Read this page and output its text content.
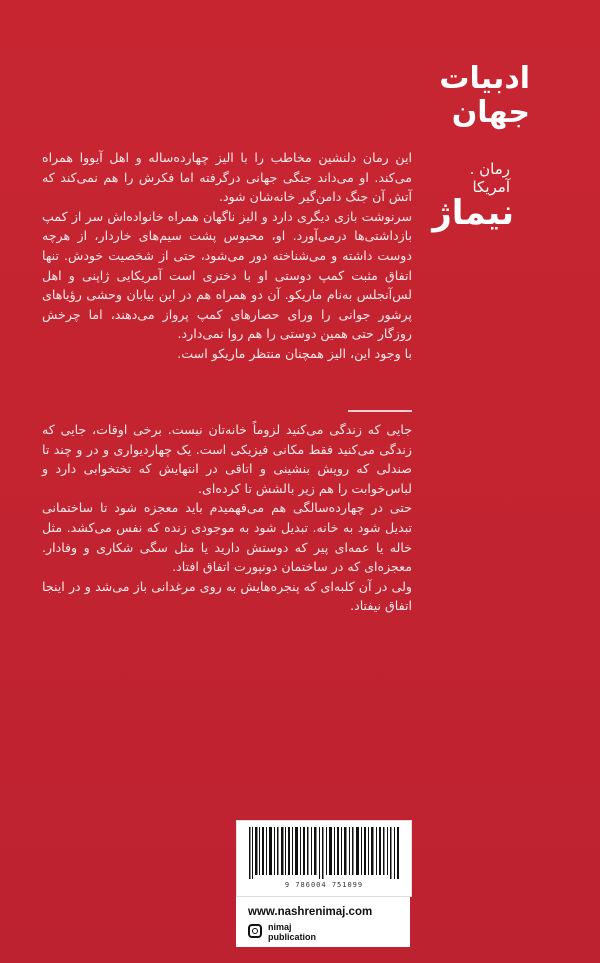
ادبیات
جهان
رمان . آمریکا
نیماژ

این رمان دلنشین مخاطب را با الیز چهارده‌ساله و اهل آیووا همراه می‌کند. او می‌داند جنگی جهانی درگرفته اما فکرش را هم نمی‌کند که آتش آن جنگ دامن‌گیر خانه‌شان شود.

سرنوشت بازی دیگری دارد و الیز ناگهان همراه خانواده‌اش سر از کمپ بازداشتی‌ها درمی‌آورد. او، محبوس پشت سیم‌های خاردار، از هرچه دوست داشته و می‌شناخته دور می‌شود، حتی از شخصیت خودش. تنها اتفاق مثبت کمپ دوستی او با دختری است آمریکایی ژاپنی و اهل لس‌آنجلس به‌نام ماریکو. آن دو همراه هم در این بیابان وحشی رؤیاهای پرشور جوانی را ورای حصارهای کمپ پرواز می‌دهند، اما چرخش روزگار حتی همین دوستی را هم روا نمی‌دارد.

با وجود این، الیز همچنان منتظر ماریکو است.

جایی که زندگی می‌کنید لزوماً خانه‌تان نیست. برخی اوقات، جایی که زندگی می‌کنید فقط مکانی فیزیکی است. یک چهاردیواری و در و چند تا صندلی که رویش بنشینی و اتاقی در انتهایش که تختخوابی دارد و لباس‌خوابت را هم زیر بالشش تا کرده‌ای.

حتی در چهارده‌سالگی هم می‌فهمیدم باید معجزه شود تا ساختمانی تبدیل شود به خانه. تبدیل شود به موجودی زنده که نفس می‌کشد. مثل خاله یا عمه‌ای پیر که دوستش دارید یا مثل سگی شکاری و وفادار. معجزه‌ای که در ساختمان دونپورت اتفاق افتاد.

ولی در آن کلبه‌ای که پنجره‌هایش به روی مرغدانی باز می‌شد و در اینجا اتفاق نیفتاد.

9 786004 751099
www.nashrenimaj.com
nimaj
publication
